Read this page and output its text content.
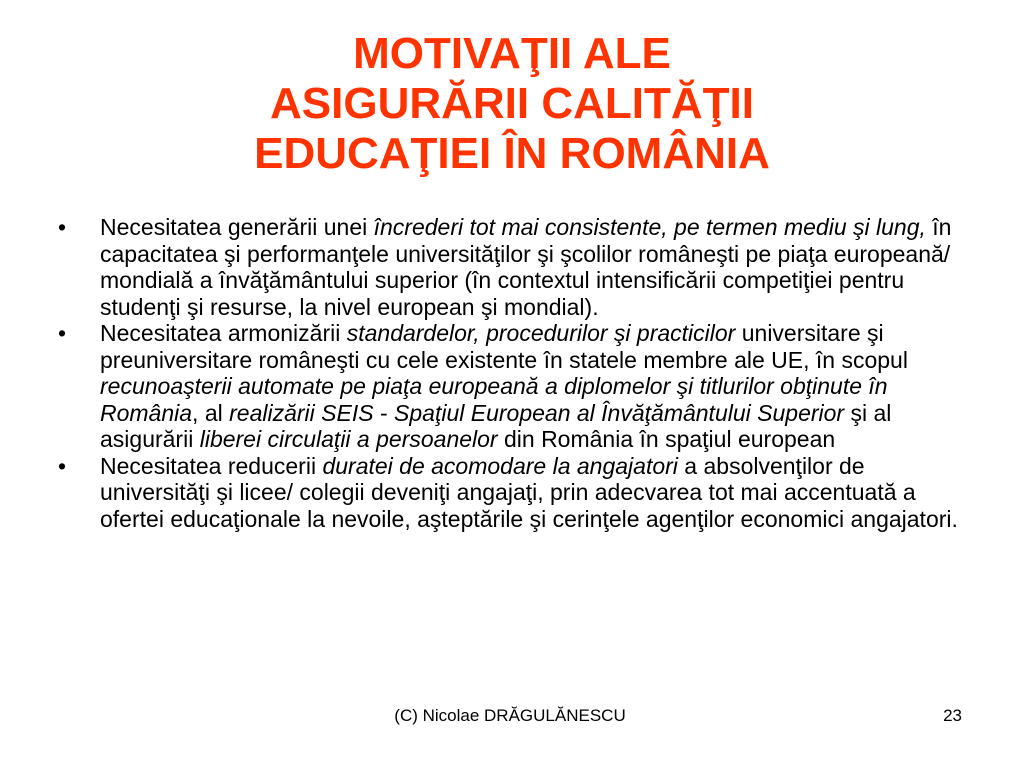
MOTIVAŢII ALE
ASIGURĂRII CALITĂŢII
EDUCAŢIEI ÎN ROMÂNIA
• Necesitatea generării unei încrederi tot mai consistente, pe termen mediu şi lung, în capacitatea şi performanţele universităţilor şi şcolilor româneşti pe piaţa europeană/ mondială a învăţământului superior (în contextul intensificării competiţiei pentru studenţi şi resurse, la nivel european şi mondial).

• Necesitatea armonizării standardelor, procedurilor şi practicilor universitare şi preuniversitare româneşti cu cele existente în statele membre ale UE, în scopul recunoaşterii automate pe piaţa europeană a diplomelor şi titlurilor obţinute în România, al realizării SEIS - Spaţiul European al Învăţământului Superior şi al asigurării liberei circulaţii a persoanelor din România în spaţiul european

• Necesitatea reducerii duratei de acomodare la angajatori a absolvenţilor de universităţi şi licee/ colegii deveniţi angajaţi, prin adecvarea tot mai accentuată a ofertei educaţionale la nevoile, aşteptările şi cerinţele agenţilor economici angajatori.

(C) Nicolae DRĂGULĂNESCU	23
